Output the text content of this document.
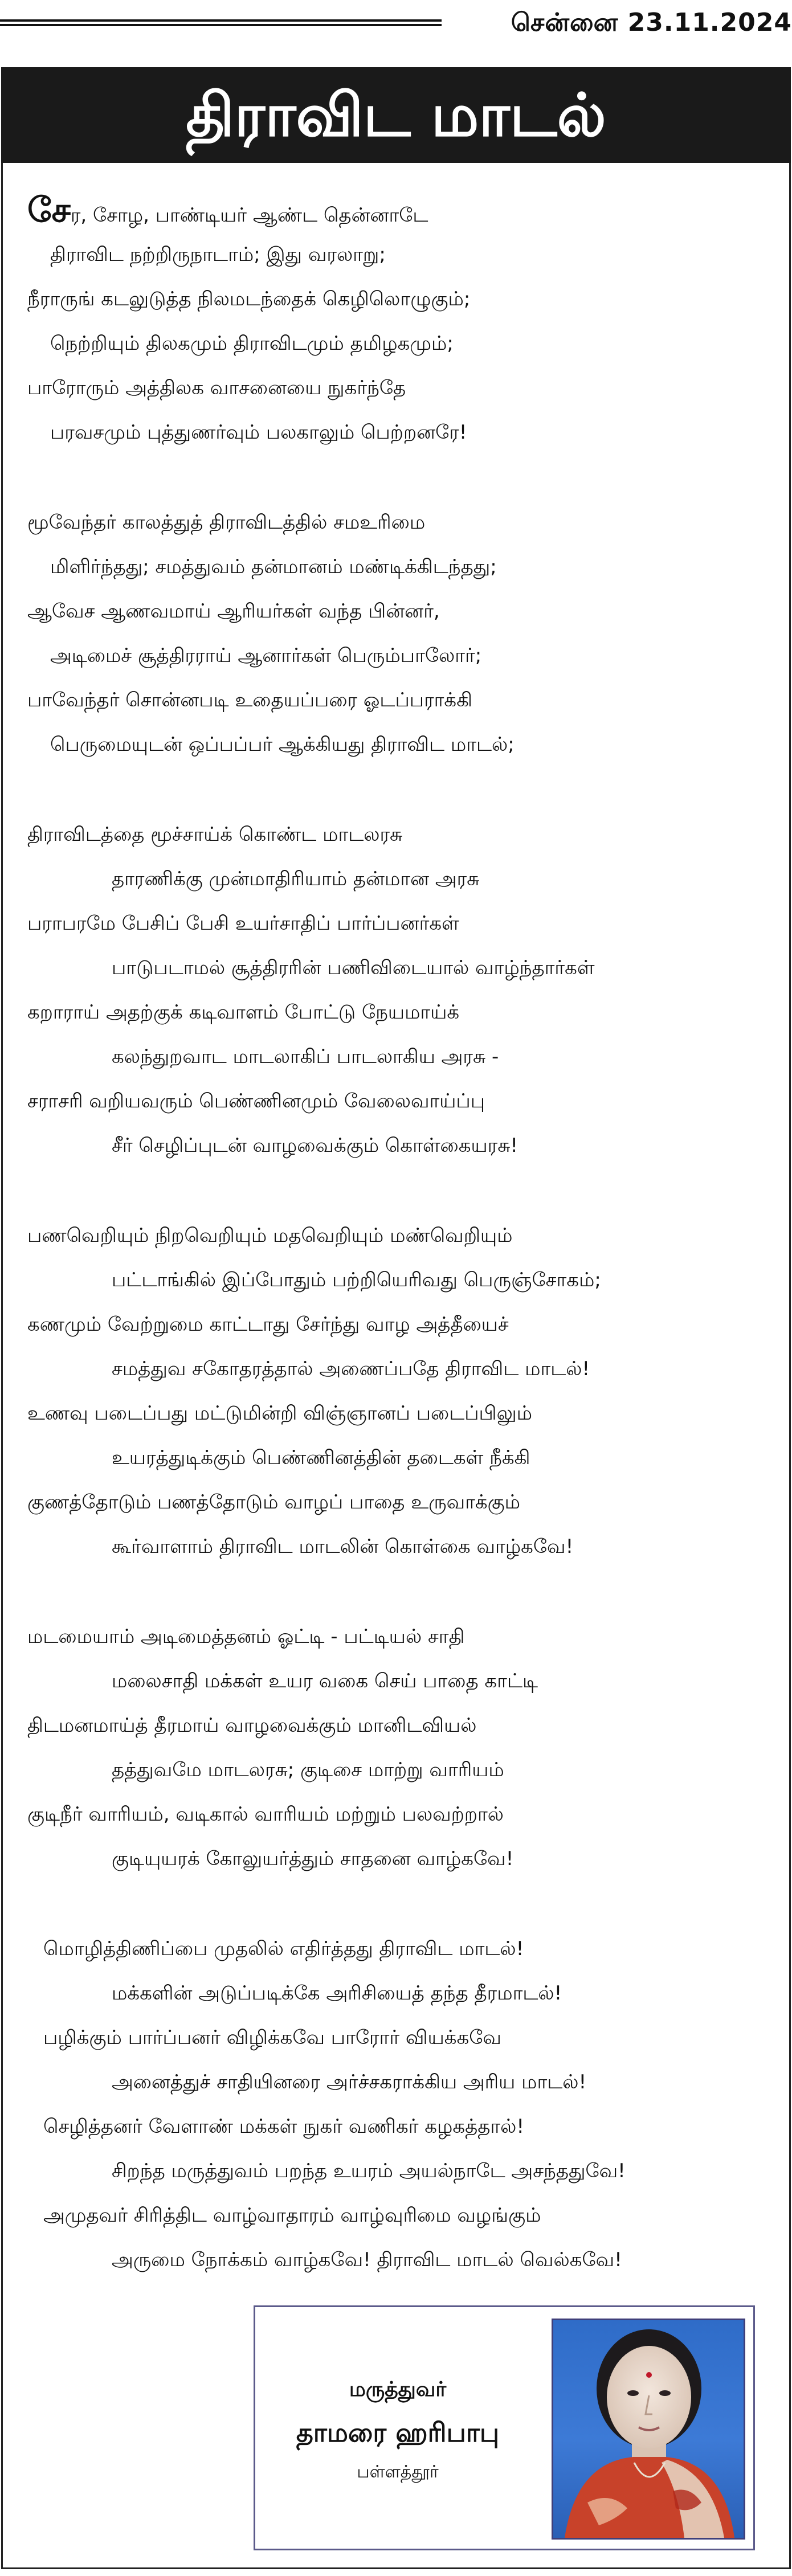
சென்னை 23.11.2024
திராவிட மாடல்
சேர, சோழ, பாண்டியர் ஆண்ட தென்னாடே
திராவிட நற்றிருநாடாம்; இது வரலாறு;
நீராருங் கடலுடுத்த நிலமடந்தைக் கெழிலொழுகும்;
நெற்றியும் திலகமும் திராவிடமும் தமிழகமும்;
பாரோரும் அத்திலக வாசனையை நுகர்ந்தே
பரவசமும் புத்துணர்வும் பலகாலும் பெற்றனரே!
மூவேந்தர் காலத்துத் திராவிடத்தில் சமஉரிமை
மிளிர்ந்தது; சமத்துவம் தன்மானம் மண்டிக்கிடந்தது;
ஆவேச ஆணவமாய் ஆரியர்கள் வந்த பின்னர்,
அடிமைச் சூத்திரராய் ஆனார்கள் பெரும்பாலோர்;
பாவேந்தர் சொன்னபடி உதையப்பரை ஓடப்பராக்கி
பெருமையுடன் ஒப்பப்பர் ஆக்கியது திராவிட மாடல்;
திராவிடத்தை மூச்சாய்க் கொண்ட மாடலரசு
தாரணிக்கு முன்மாதிரியாம் தன்மான அரசு
பராபரமே பேசிப் பேசி உயர்சாதிப் பார்ப்பனர்கள்
பாடுபடாமல் சூத்திரரின் பணிவிடையால் வாழ்ந்தார்கள்
கறாராய் அதற்குக் கடிவாளம் போட்டு நேயமாய்க்
கலந்துறவாட மாடலாகிப் பாடலாகிய அரசு -
சராசரி வறியவரும் பெண்ணினமும் வேலைவாய்ப்பு
சீர் செழிப்புடன் வாழவைக்கும் கொள்கையரசு!
பணவெறியும் நிறவெறியும் மதவெறியும் மண்வெறியும்
பட்டாங்கில் இப்போதும் பற்றியெரிவது பெருஞ்சோகம்;
கணமும் வேற்றுமை காட்டாது சேர்ந்து வாழ அத்தீயைச்
சமத்துவ சகோதரத்தால் அணைப்பதே திராவிட மாடல்!
உணவு படைப்பது மட்டுமின்றி விஞ்ஞானப் படைப்பிலும்
உயரத்துடிக்கும் பெண்ணினத்தின் தடைகள் நீக்கி
குணத்தோடும் பணத்தோடும் வாழப் பாதை உருவாக்கும்
கூர்வாளாம் திராவிட மாடலின் கொள்கை வாழ்கவே!
மடமையாம் அடிமைத்தனம் ஓட்டி - பட்டியல் சாதி
மலைசாதி மக்கள் உயர வகை செய் பாதை காட்டி
திடமனமாய்த் தீரமாய் வாழவைக்கும் மானிடவியல்
தத்துவமே மாடலரசு; குடிசை மாற்று வாரியம்
குடிநீர் வாரியம், வடிகால் வாரியம் மற்றும் பலவற்றால்
குடியுயரக் கோலுயர்த்தும் சாதனை வாழ்கவே!
மொழித்திணிப்பை முதலில் எதிர்த்தது திராவிட மாடல்!
மக்களின் அடுப்படிக்கே அரிசியைத் தந்த தீரமாடல்!
பழிக்கும் பார்ப்பனர் விழிக்கவே பாரோர் வியக்கவே
அனைத்துச் சாதியினரை அர்ச்சகராக்கிய அரிய மாடல்!
செழித்தனர் வேளாண் மக்கள் நுகர் வணிகர் கழகத்தால்!
சிறந்த மருத்துவம் பறந்த உயரம் அயல்நாடே அசந்ததுவே!
அமுதவர் சிரித்திட வாழ்வாதாரம் வாழ்வுரிமை வழங்கும்
அருமை நோக்கம் வாழ்கவே! திராவிட மாடல் வெல்கவே!
மருத்துவர்
தாமரை ஹரிபாபு
பள்ளத்தூர்
